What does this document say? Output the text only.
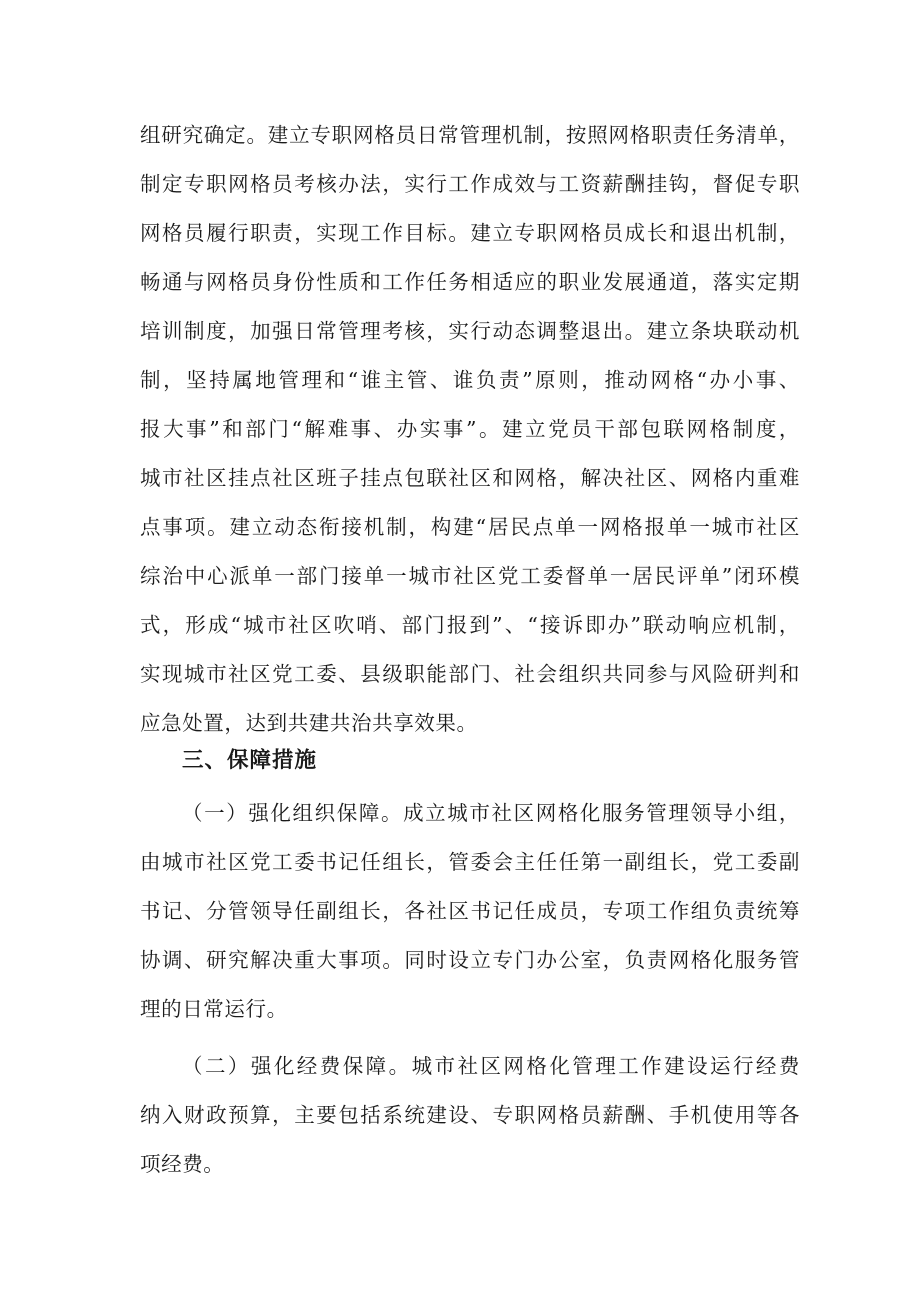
组研究确定。建立专职网格员日常管理机制，按照网格职责任务清单，
制定专职网格员考核办法，实行工作成效与工资薪酬挂钩，督促专职
网格员履行职责，实现工作目标。建立专职网格员成长和退出机制，
畅通与网格员身份性质和工作任务相适应的职业发展通道，落实定期
培训制度，加强日常管理考核，实行动态调整退出。建立条块联动机
制，坚持属地管理和“谁主管、谁负责”原则，推动网格“办小事、
报大事”和部门“解难事、办实事”。建立党员干部包联网格制度，
城市社区挂点社区班子挂点包联社区和网格，解决社区、网格内重难
点事项。建立动态衔接机制，构建“居民点单一网格报单一城市社区
综治中心派单一部门接单一城市社区党工委督单一居民评单”闭环模
式，形成“城市社区吹哨、部门报到”、“接诉即办”联动响应机制，
实现城市社区党工委、县级职能部门、社会组织共同参与风险研判和
应急处置，达到共建共治共享效果。
三、保障措施
（一）强化组织保障。成立城市社区网格化服务管理领导小组，
由城市社区党工委书记任组长，管委会主任任第一副组长，党工委副
书记、分管领导任副组长，各社区书记任成员，专项工作组负责统筹
协调、研究解决重大事项。同时设立专门办公室，负责网格化服务管
理的日常运行。
（二）强化经费保障。城市社区网格化管理工作建设运行经费
纳入财政预算，主要包括系统建设、专职网格员薪酬、手机使用等各
项经费。
